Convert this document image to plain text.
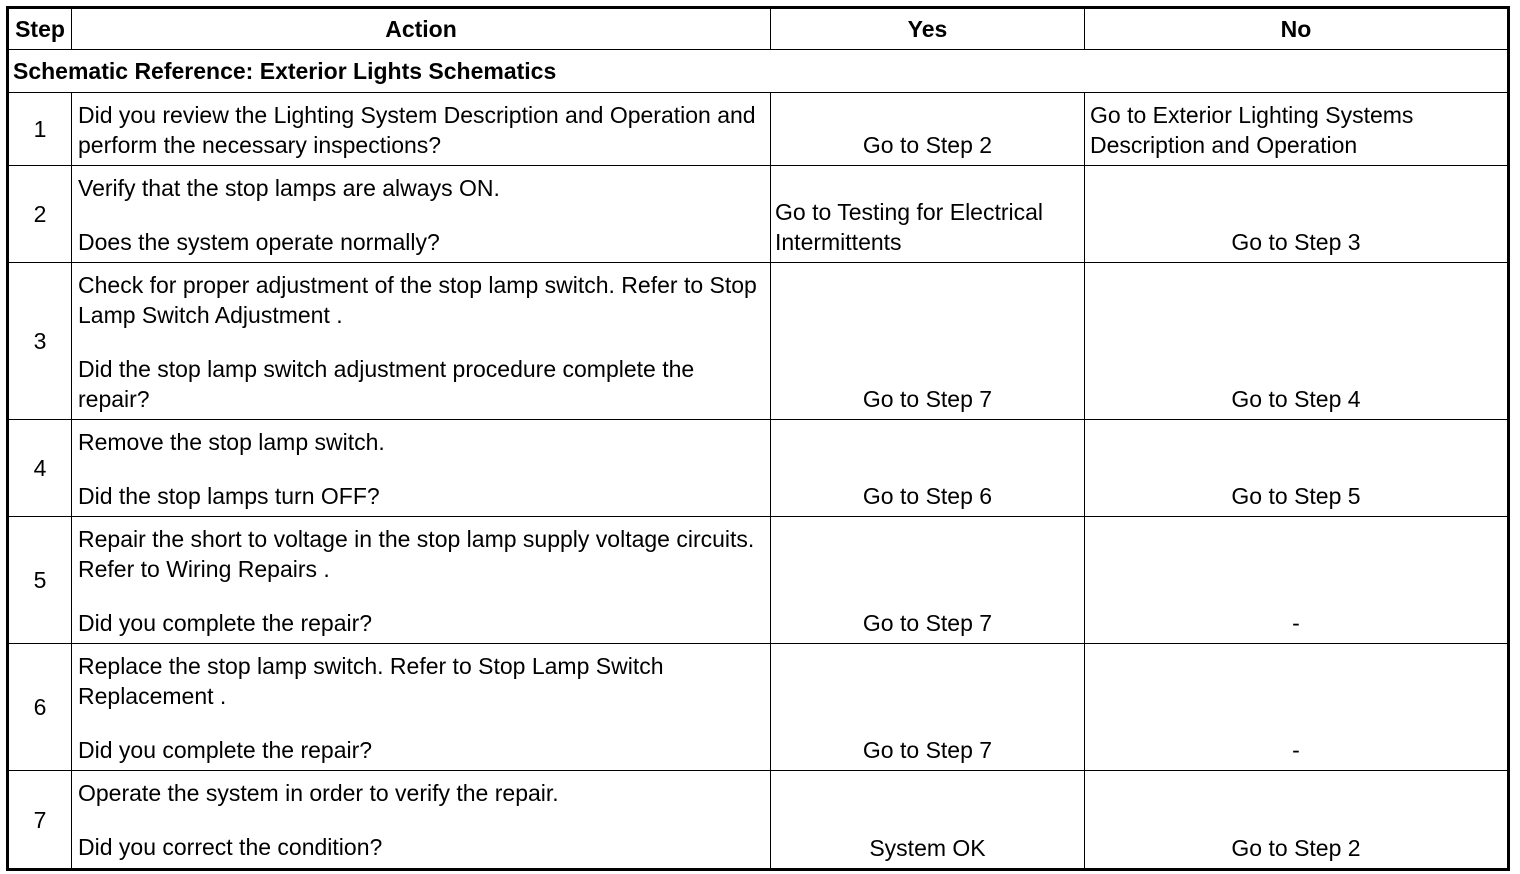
Step	Action	Yes	No
Schematic Reference: Exterior Lights Schematics			
1	Did you review the Lighting System Description and Operation and perform the necessary inspections?	Go to Step 2	Go to Exterior Lighting Systems Description and Operation
2	Verify that the stop lamps are always ON.

Does the system operate normally?	Go to Testing for Electrical Intermittents	Go to Step 3
3	Check for proper adjustment of the stop lamp switch. Refer to Stop Lamp Switch Adjustment .

Did the stop lamp switch adjustment procedure complete the repair?	Go to Step 7	Go to Step 4
4	Remove the stop lamp switch.

Did the stop lamps turn OFF?	Go to Step 6	Go to Step 5
5	Repair the short to voltage in the stop lamp supply voltage circuits. Refer to Wiring Repairs .

Did you complete the repair?	Go to Step 7	-
6	Replace the stop lamp switch. Refer to Stop Lamp Switch Replacement .

Did you complete the repair?	Go to Step 7	-
7	Operate the system in order to verify the repair.

Did you correct the condition?	System OK	Go to Step 2
